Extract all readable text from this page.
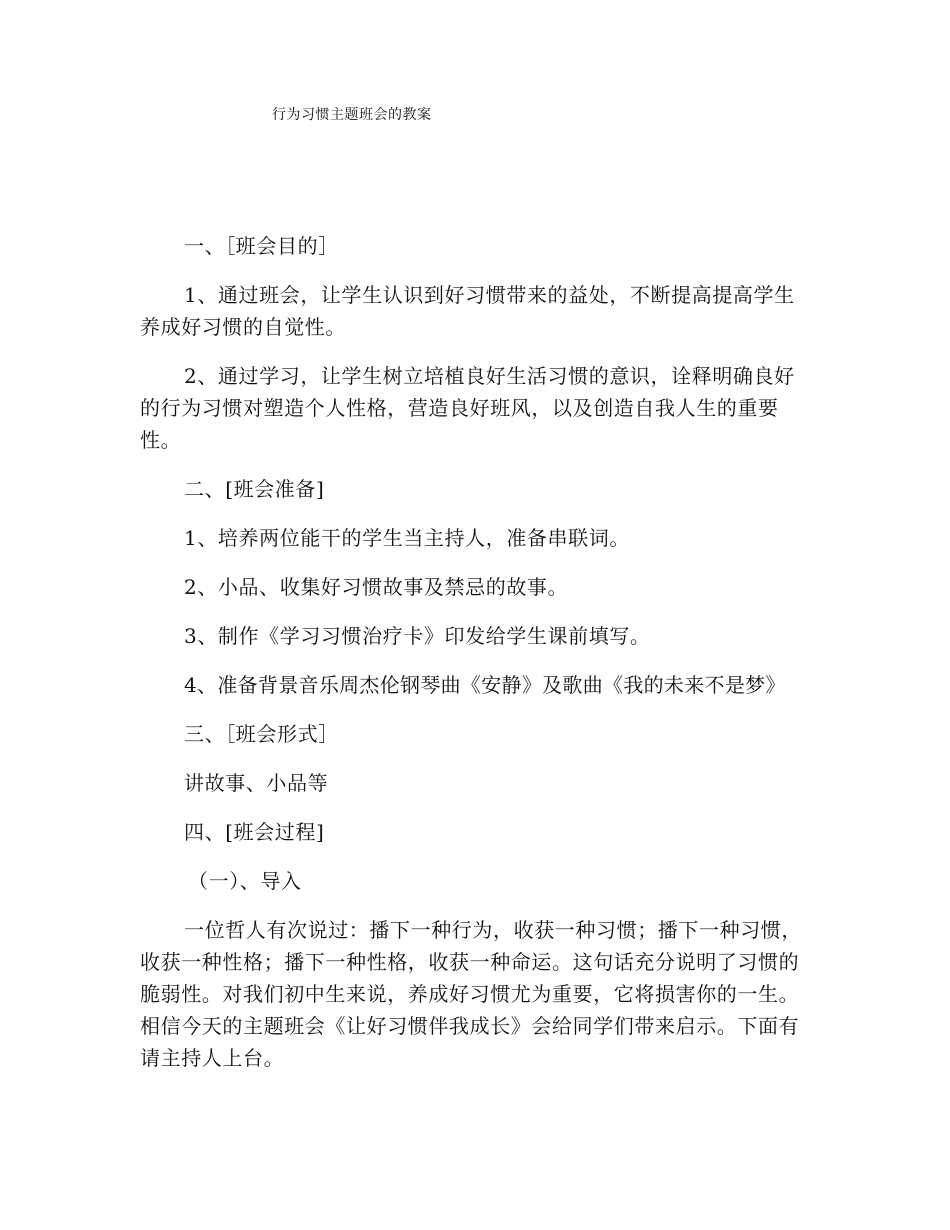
行为习惯主题班会的教案

一、［班会目的］

1、通过班会，让学生认识到好习惯带来的益处，不断提高提高学生养成好习惯的自觉性。

2、通过学习，让学生树立培植良好生活习惯的意识，诠释明确良好的行为习惯对塑造个人性格，营造良好班风，以及创造自我人生的重要性。

二、[班会准备]

1、培养两位能干的学生当主持人，准备串联词。

2、小品、收集好习惯故事及禁忌的故事。

3、制作《学习习惯治疗卡》印发给学生课前填写。

4、准备背景音乐周杰伦钢琴曲《安静》及歌曲《我的未来不是梦》

三、［班会形式］

讲故事、小品等

四、[班会过程]

（一）、导入

一位哲人有次说过：播下一种行为，收获一种习惯；播下一种习惯，收获一种性格；播下一种性格，收获一种命运。这句话充分说明了习惯的脆弱性。对我们初中生来说，养成好习惯尤为重要，它将损害你的一生。相信今天的主题班会《让好习惯伴我成长》会给同学们带来启示。下面有请主持人上台。
